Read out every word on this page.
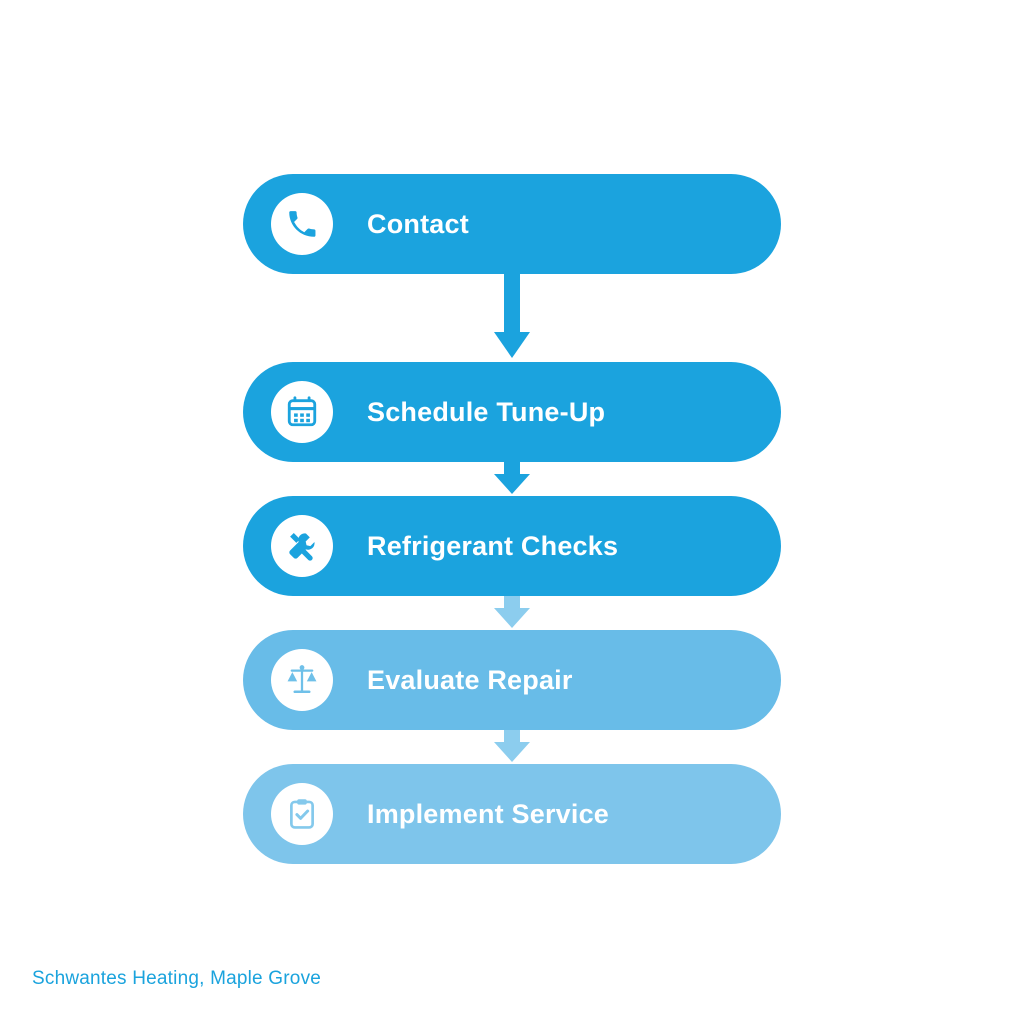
Contact
Schedule Tune-Up
Refrigerant Checks
Evaluate Repair
Implement Service
Schwantes Heating, Maple Grove
